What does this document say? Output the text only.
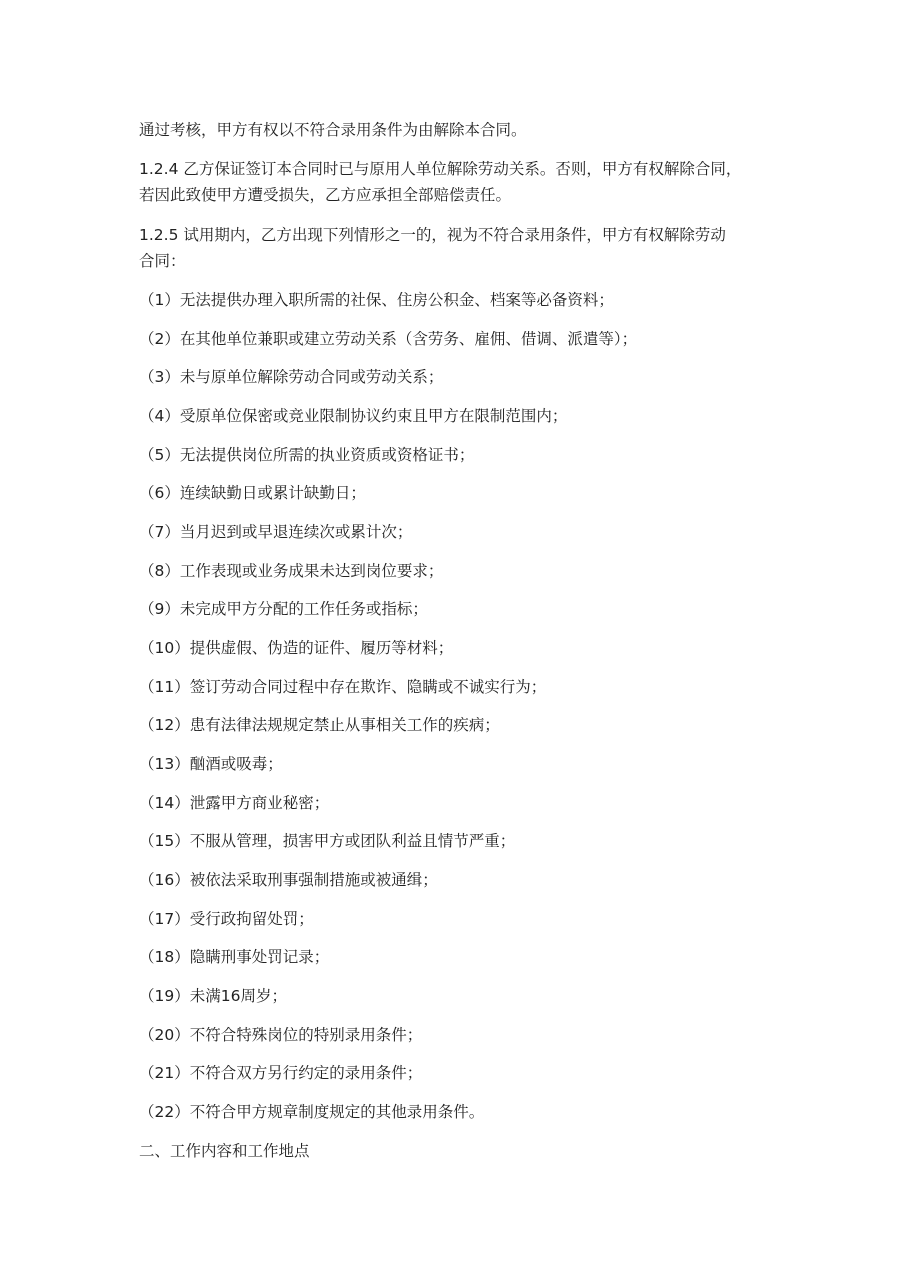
通过考核，甲方有权以不符合录用条件为由解除本合同。

1.2.4 乙方保证签订本合同时已与原用人单位解除劳动关系。否则，甲方有权解除合同，
若因此致使甲方遭受损失，乙方应承担全部赔偿责任。

1.2.5 试用期内，乙方出现下列情形之一的，视为不符合录用条件，甲方有权解除劳动
合同：

（1）无法提供办理入职所需的社保、住房公积金、档案等必备资料；

（2）在其他单位兼职或建立劳动关系（含劳务、雇佣、借调、派遣等）；

（3）未与原单位解除劳动合同或劳动关系；

（4）受原单位保密或竞业限制协议约束且甲方在限制范围内；

（5）无法提供岗位所需的执业资质或资格证书；

（6）连续缺勤日或累计缺勤日；

（7）当月迟到或早退连续次或累计次；

（8）工作表现或业务成果未达到岗位要求；

（9）未完成甲方分配的工作任务或指标；

（10）提供虚假、伪造的证件、履历等材料；

（11）签订劳动合同过程中存在欺诈、隐瞒或不诚实行为；

（12）患有法律法规规定禁止从事相关工作的疾病；

（13）酗酒或吸毒；

（14）泄露甲方商业秘密；

（15）不服从管理，损害甲方或团队利益且情节严重；

（16）被依法采取刑事强制措施或被通缉；

（17）受行政拘留处罚；

（18）隐瞒刑事处罚记录；

（19）未满16周岁；

（20）不符合特殊岗位的特别录用条件；

（21）不符合双方另行约定的录用条件；

（22）不符合甲方规章制度规定的其他录用条件。

二、工作内容和工作地点
